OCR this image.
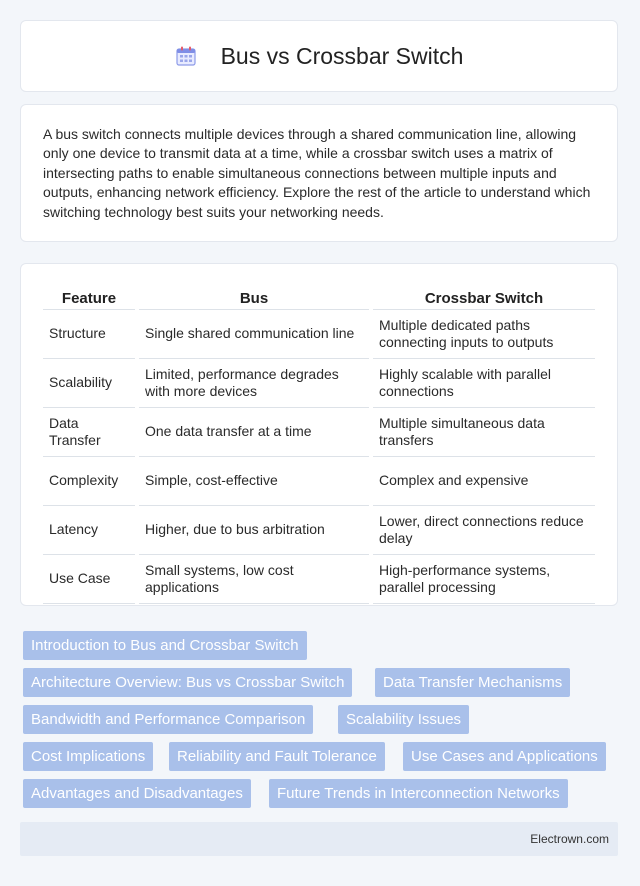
Bus vs Crossbar Switch

A bus switch connects multiple devices through a shared communication line, allowing only one device to transmit data at a time, while a crossbar switch uses a matrix of intersecting paths to enable simultaneous connections between multiple inputs and outputs, enhancing network efficiency. Explore the rest of the article to understand which switching technology best suits your networking needs.

Feature	Bus	Crossbar Switch
Structure	Single shared communication line	Multiple dedicated paths connecting inputs to outputs
Scalability	Limited, performance degrades with more devices	Highly scalable with parallel connections
Data Transfer	One data transfer at a time	Multiple simultaneous data transfers
Complexity	Simple, cost-effective	Complex and expensive
Latency	Higher, due to bus arbitration	Lower, direct connections reduce delay
Use Case	Small systems, low cost applications	High-performance systems, parallel processing
Introduction to Bus and Crossbar Switch
Architecture Overview: Bus vs Crossbar Switch	Data Transfer Mechanisms
Bandwidth and Performance Comparison	Scalability Issues
Cost Implications	Reliability and Fault Tolerance	Use Cases and Applications
Advantages and Disadvantages	Future Trends in Interconnection Networks
Electrown.com
